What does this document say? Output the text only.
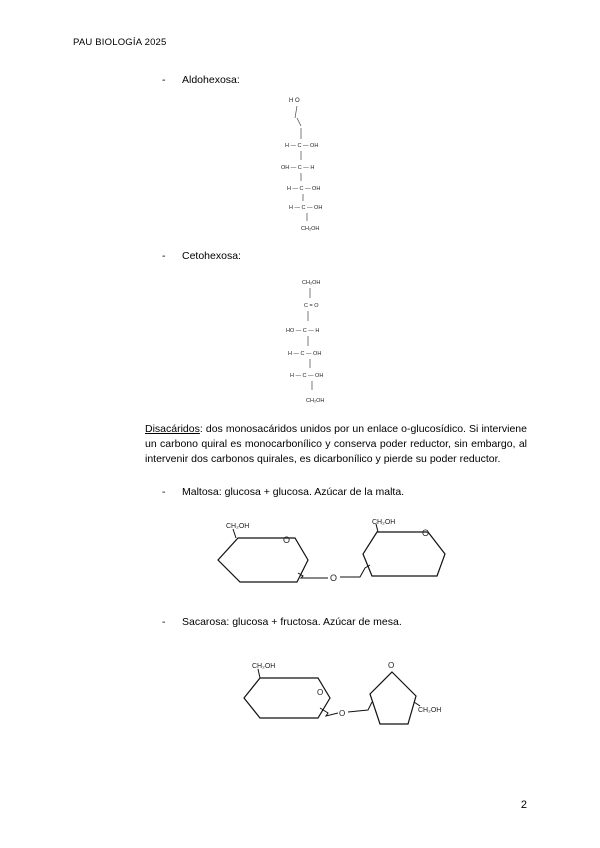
PAU BIOLOGÍA 2025
- Aldohexosa:
H O
H — C — OH
OH — C — H
H — C — OH
H — C — OH
CH₂OH
- Cetohexosa:
CH₂OH
C = O
HO — C — H
H — C — OH
H — C — OH
CH₂OH
Disacáridos: dos monosacáridos unidos por un enlace o-glucosídico. Si interviene un carbono quiral es monocarbonílico y conserva poder reductor, sin embargo, al intervenir dos carbonos quirales, es dicarbonílico y pierde su poder reductor.
- Maltosa: glucosa + glucosa. Azúcar de la malta.
O
CH₂OH
O
O
CH₂OH
- Sacarosa: glucosa + fructosa. Azúcar de mesa.
O
CH₂OH
O
O
CH₂OH
2
